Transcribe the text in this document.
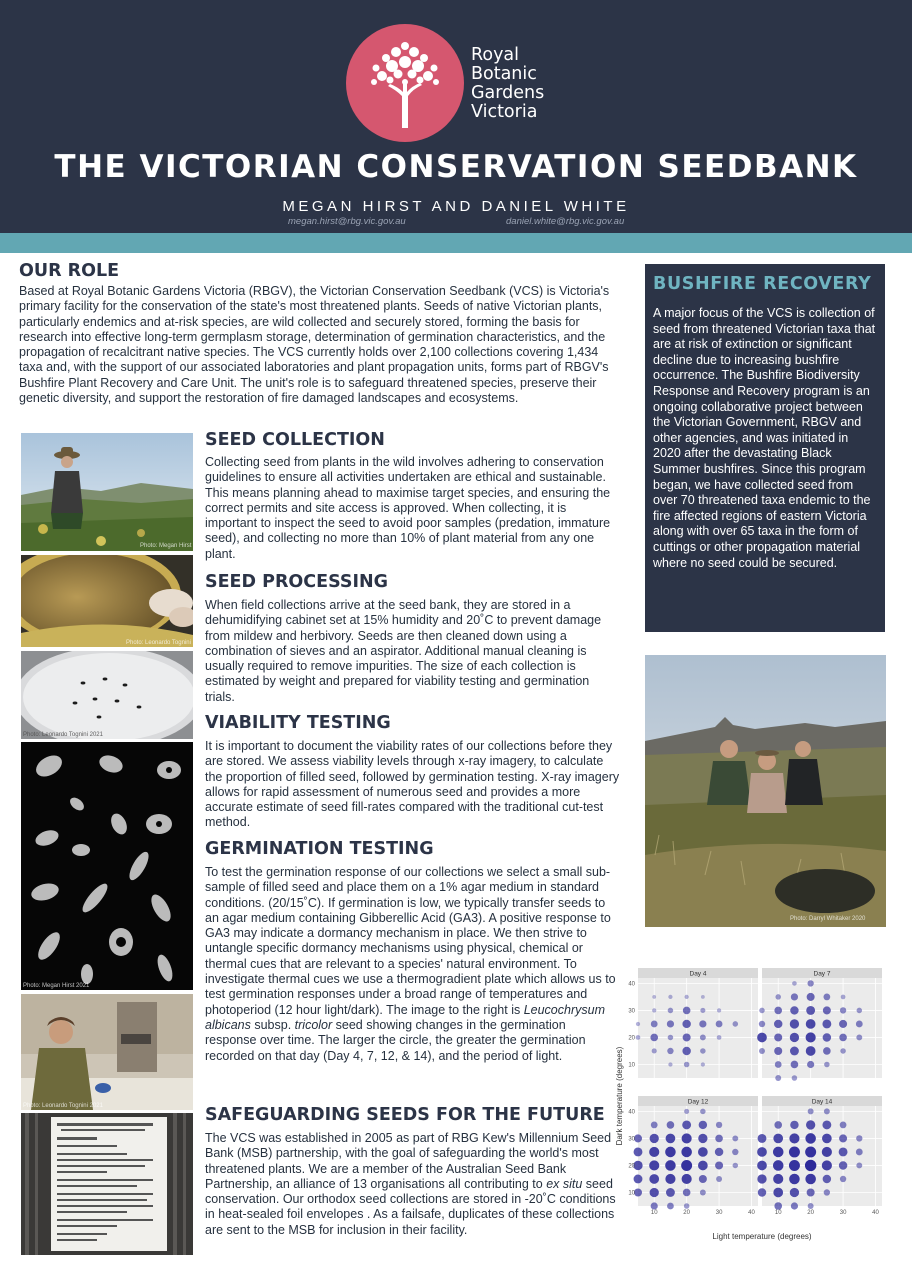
Royal
Botanic
Gardens
Victoria
THE VICTORIAN CONSERVATION SEEDBANK
MEGAN HIRST AND DANIEL WHITE
megan.hirst@rbg.vic.gov.au	daniel.white@rbg.vic.gov.au
OUR ROLE
Based at Royal Botanic Gardens Victoria (RBGV), the Victorian Conservation Seedbank (VCS) is Victoria's primary facility for the conservation of the state's most threatened plants. Seeds of native Victorian plants, particularly endemics and at-risk species, are wild collected and securely stored, forming the basis for research into effective long-term germplasm storage, determination of germination characteristics, and the propagation of recalcitrant native species. The VCS currently holds over 2,100 collections covering 1,434 taxa and, with the support of our associated laboratories and plant propagation units, forms part of RBGV's Bushfire Plant Recovery and Care Unit. The unit's role is to safeguard threatened species, preserve their genetic diversity, and support the restoration of fire damaged landscapes and ecosystems.
Photo: Megan Hirst 2020
Photo: Leonardo Tognini 2021
Photo: Leonardo Tognini 2021
Photo: Megan Hirst 2021
Photo: Leonardo Tognini 2021
SEED COLLECTION
Collecting seed from plants in the wild involves adhering to conservation guidelines to ensure all activities undertaken are ethical and sustainable. This means planning ahead to maximise target species, and ensuring the correct permits and site access is approved. When collecting, it is important to inspect the seed to avoid poor samples (predation, immature seed), and collecting no more than 10% of plant material from any one plant.
SEED PROCESSING
When field collections arrive at the seed bank, they are stored in a dehumidifying cabinet set at 15% humidity and 20˚C to prevent damage from mildew and herbivory. Seeds are then cleaned down using a combination of sieves and an aspirator. Additional manual cleaning is usually required to remove impurities. The size of each collection is estimated by weight and prepared for viability testing and germination trials.
VIABILITY TESTING
It is important to document the viability rates of our collections before they are stored. We assess viability levels through x-ray imagery, to calculate the proportion of filled seed, followed by germination testing. X-ray imagery allows for rapid assessment of numerous seed and provides a more accurate estimate of seed fill-rates compared with the traditional cut-test method.
GERMINATION TESTING
To test the germination response of our collections we select a small sub-sample of filled seed and place them on a 1% agar medium in standard conditions. (20/15˚C). If germination is low, we typically transfer seeds to an agar medium containing Gibberellic Acid (GA3). A positive response to GA3 may indicate a dormancy mechanism in place. We then strive to untangle specific dormancy mechanisms using physical, chemical or thermal cues that are relevant to a species' natural environment. To investigate thermal cues we use a thermogradient plate which allows us to test germination responses under a broad range of temperatures and photoperiod (12 hour light/dark). The image to the right is Leucochrysum albicans subsp. tricolor seed showing changes in the germination response over time. The larger the circle, the greater the germination recorded on that day (Day 4, 7, 12, & 14), and the period of light.
SAFEGUARDING SEEDS FOR THE FUTURE
The VCS was established in 2005 as part of RBG Kew's Millennium Seed Bank (MSB) partnership, with the goal of safeguarding the world's most threatened plants. We are a member of the Australian Seed Bank Partnership, an alliance of 13 organisations all contributing to ex situ seed conservation. Our orthodox seed collections are stored in -20˚C conditions in heat-sealed foil envelopes . As a failsafe, duplicates of these collections are sent to the MSB for inclusion in their facility.
BUSHFIRE RECOVERY
A major focus of the VCS is collection of seed from threatened Victorian taxa that are at risk of extinction or significant decline due to increasing bushfire occurrence. The Bushfire Biodiversity Response and Recovery program is an ongoing collaborative project between the Victorian Government, RBGV and other agencies, and was initiated in 2020 after the devastating Black Summer bushfires. Since this program began, we have collected seed from over 70 threatened taxa endemic to the fire affected regions of eastern Victoria along with over 65 taxa in the form of cuttings or other propagation material where no seed could be secured.
Photo: Darryl Whitaker 2020
Day 4
10
20
30
40
Day 7
Day 12
10	20	30	40
10
20
30
40
Day 14
10	20	30	40
Light temperature (degrees)
Dark temperature (degrees)
